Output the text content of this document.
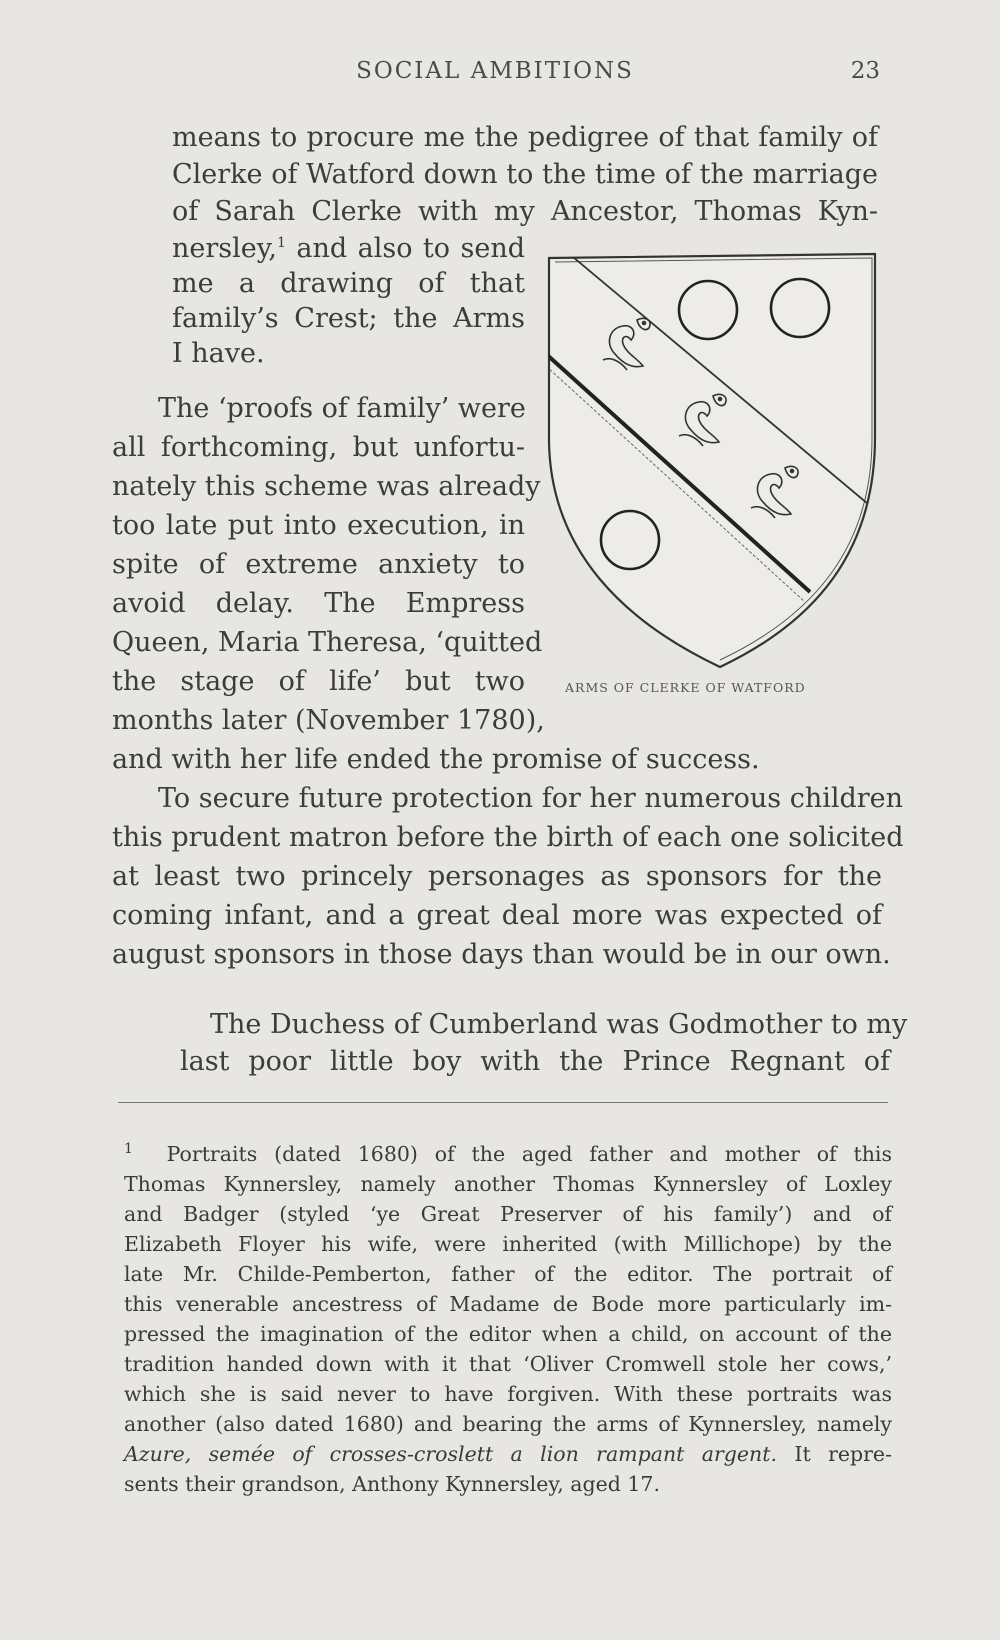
SOCIAL AMBITIONS	23
means to procure me the pedigree of that family of
Clerke of Watford down to the time of the marriage
of Sarah Clerke with my Ancestor, Thomas Kyn-
nersley,$^1$ and also to send
me a drawing of that
family’s Crest; the Arms
I have.
The ‘proofs of family’ were
all forthcoming, but unfortu-
nately this scheme was already
too late put into execution, in
spite of extreme anxiety to
avoid delay. The Empress
Queen, Maria Theresa, ‘quitted
the stage of life’ but two
months later (November 1780),
ARMS OF CLERKE OF WATFORD
and with her life ended the promise of success.
To secure future protection for her numerous children
this prudent matron before the birth of each one solicited
at least two princely personages as sponsors for the
coming infant, and a great deal more was expected of
august sponsors in those days than would be in our own.
The Duchess of Cumberland was Godmother to my
last poor little boy with the Prince Regnant of
$^1$ Portraits (dated 1680) of the aged father and mother of this
Thomas Kynnersley, namely another Thomas Kynnersley of Loxley
and Badger (styled ‘ye Great Preserver of his family’) and of
Elizabeth Floyer his wife, were inherited (with Millichope) by the
late Mr. Childe-Pemberton, father of the editor. The portrait of
this venerable ancestress of Madame de Bode more particularly im-
pressed the imagination of the editor when a child, on account of the
tradition handed down with it that ‘Oliver Cromwell stole her cows,’
which she is said never to have forgiven. With these portraits was
another (also dated 1680) and bearing the arms of Kynnersley, namely
Azure, semée of crosses-croslett a lion rampant argent. It repre-
sents their grandson, Anthony Kynnersley, aged 17.
